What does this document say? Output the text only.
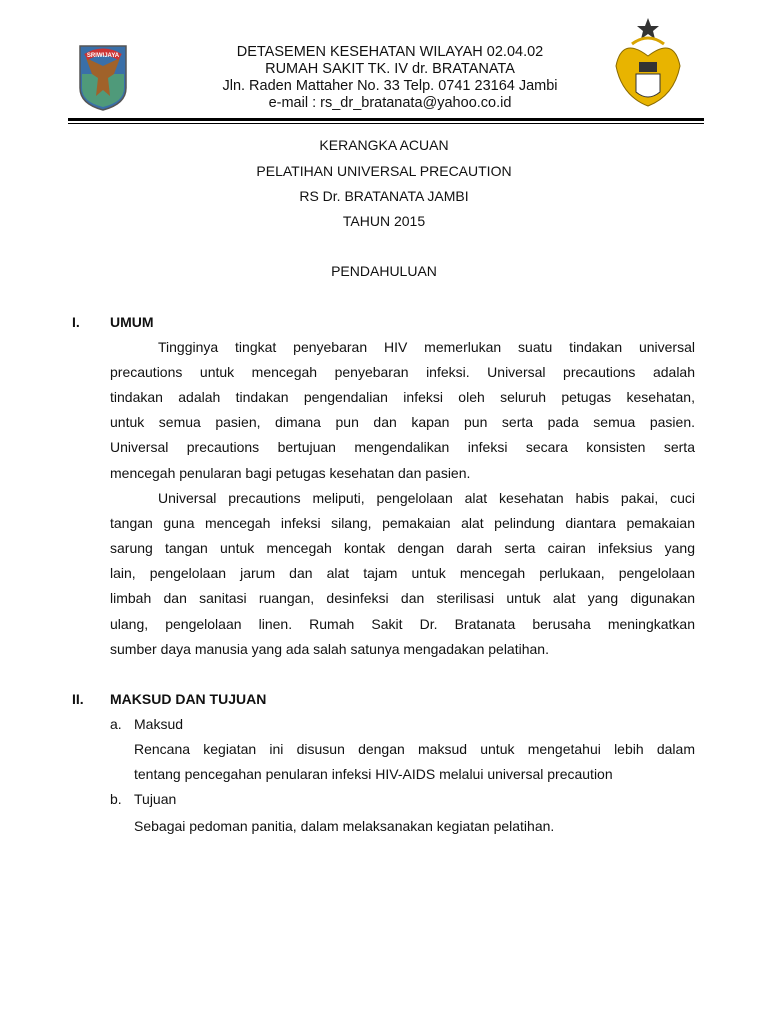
SRIWIJAYA	DETASEMEN KESEHATAN WILAYAH 02.04.02
RUMAH SAKIT TK. IV dr. BRATANATA
Jln. Raden Mattaher No. 33 Telp. 0741 23164 Jambi
e-mail : rs_dr_bratanata@yahoo.co.id
KERANGKA ACUAN
PELATIHAN UNIVERSAL PRECAUTION
RS Dr. BRATANATA JAMBI
TAHUN 2015
PENDAHULUAN
I. UMUM
Tingginya tingkat penyebaran HIV memerlukan suatu tindakan universal
precautions untuk mencegah penyebaran infeksi. Universal precautions adalah
tindakan adalah tindakan pengendalian infeksi oleh seluruh petugas kesehatan,
untuk semua pasien, dimana pun dan kapan pun serta pada semua pasien.
Universal precautions bertujuan mengendalikan infeksi secara konsisten serta
mencegah penularan bagi petugas kesehatan dan pasien.
Universal precautions meliputi, pengelolaan alat kesehatan habis pakai, cuci
tangan guna mencegah infeksi silang, pemakaian alat pelindung diantara pemakaian
sarung tangan untuk mencegah kontak dengan darah serta cairan infeksius yang
lain, pengelolaan jarum dan alat tajam untuk mencegah perlukaan, pengelolaan
limbah dan sanitasi ruangan, desinfeksi dan sterilisasi untuk alat yang digunakan
ulang, pengelolaan linen. Rumah Sakit Dr. Bratanata berusaha meningkatkan
sumber daya manusia yang ada salah satunya mengadakan pelatihan.
II. MAKSUD DAN TUJUAN
a. Maksud
Rencana kegiatan ini disusun dengan maksud untuk mengetahui lebih dalam
tentang pencegahan penularan infeksi HIV-AIDS melalui universal precaution
b. Tujuan
Sebagai pedoman panitia, dalam melaksanakan kegiatan pelatihan.
